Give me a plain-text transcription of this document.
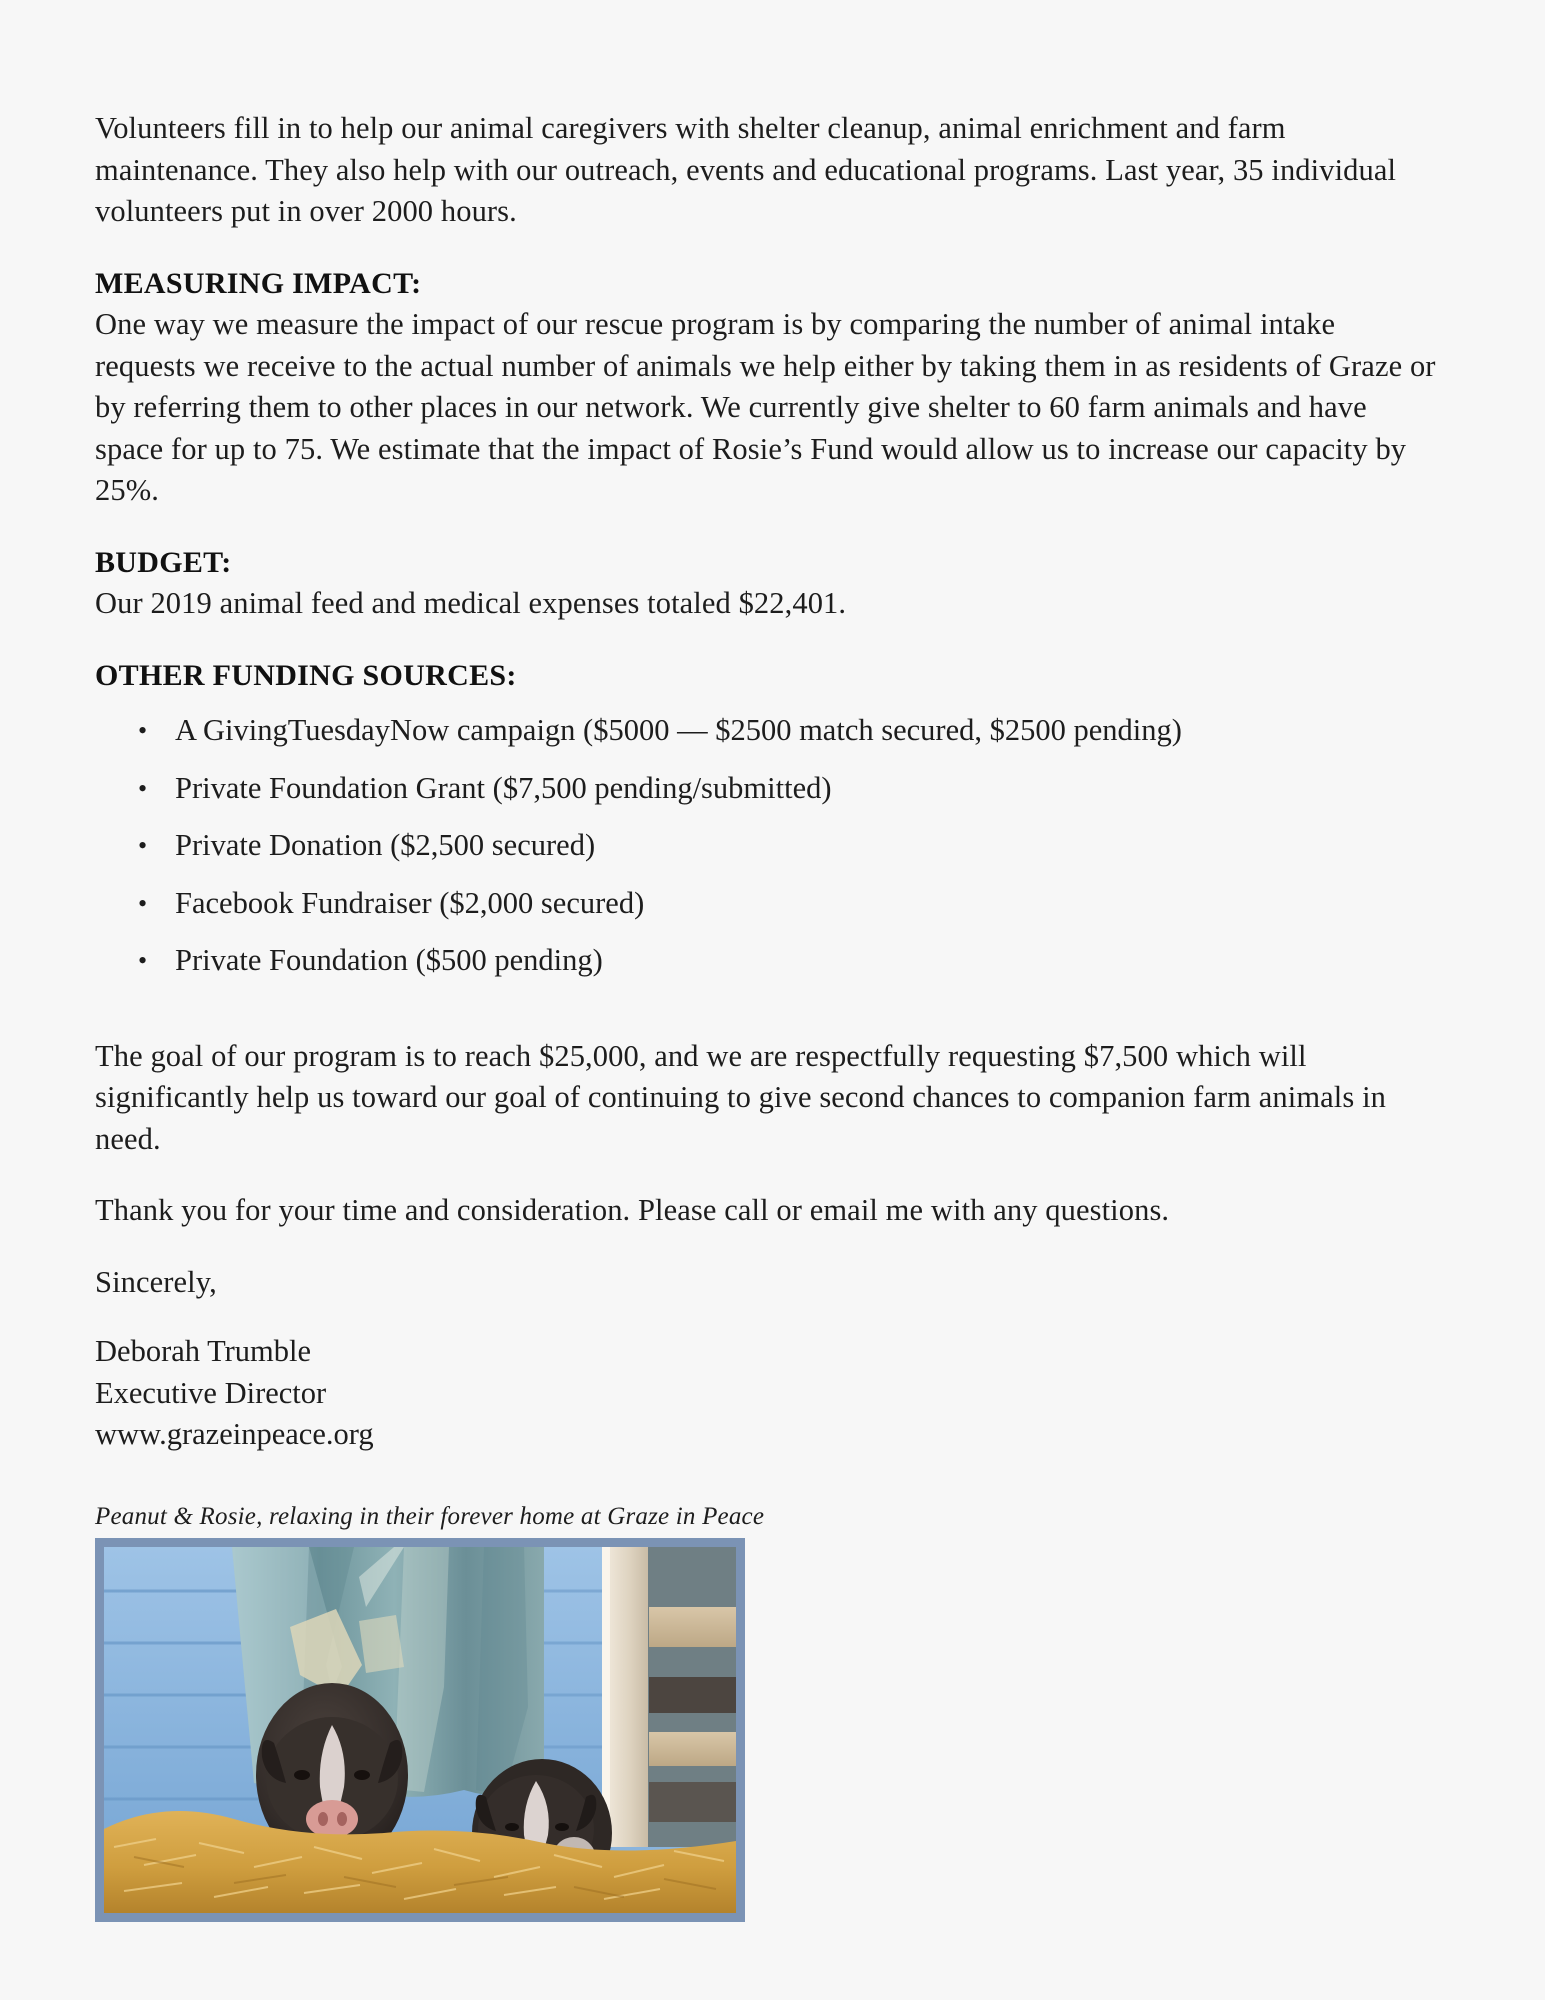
Volunteers fill in to help our animal caregivers with shelter cleanup, animal enrichment and farm maintenance. They also help with our outreach, events and educational programs. Last year, 35 individual volunteers put in over 2000 hours.

MEASURING IMPACT:

One way we measure the impact of our rescue program is by comparing the number of animal intake requests we receive to the actual number of animals we help either by taking them in as residents of Graze or by referring them to other places in our network. We currently give shelter to 60 farm animals and have space for up to 75. We estimate that the impact of Rosie’s Fund would allow us to increase our capacity by 25%.

BUDGET:

Our 2019 animal feed and medical expenses totaled $22,401.

OTHER FUNDING SOURCES:

• A GivingTuesdayNow campaign ($5000 — $2500 match secured, $2500 pending)
• Private Foundation Grant ($7,500 pending/submitted)
• Private Donation ($2,500 secured)
• Facebook Fundraiser ($2,000 secured)
• Private Foundation ($500 pending)

The goal of our program is to reach $25,000, and we are respectfully requesting $7,500 which will significantly help us toward our goal of continuing to give second chances to companion farm animals in need.

Thank you for your time and consideration. Please call or email me with any questions.

Sincerely,

Deborah Trumble

Executive Director

www.grazeinpeace.org

Peanut & Rosie, relaxing in their forever home at Graze in Peace
